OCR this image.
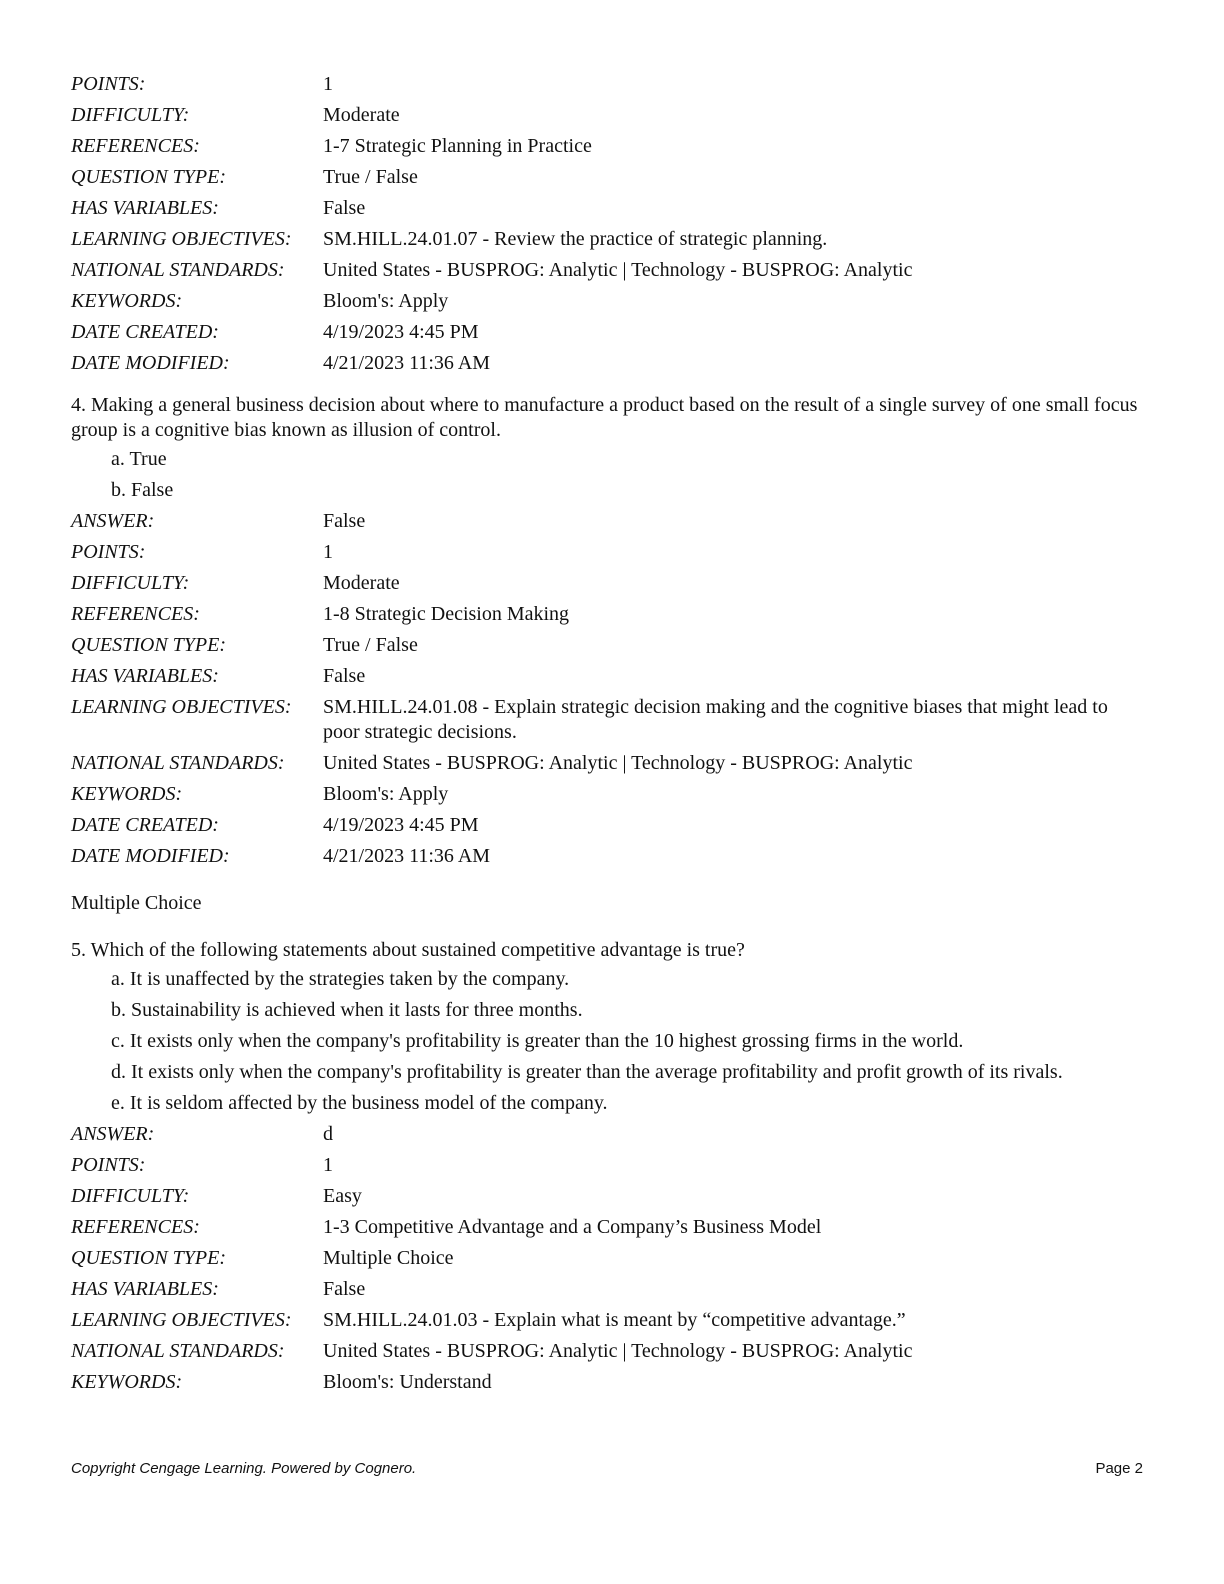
POINTS:	1
DIFFICULTY:	Moderate
REFERENCES:	1-7 Strategic Planning in Practice
QUESTION TYPE:	True / False
HAS VARIABLES:	False
LEARNING OBJECTIVES:	SM.HILL.24.01.07 - Review the practice of strategic planning.
NATIONAL STANDARDS:	United States - BUSPROG: Analytic | Technology - BUSPROG: Analytic
KEYWORDS:	Bloom's: Apply
DATE CREATED:	4/19/2023 4:45 PM
DATE MODIFIED:	4/21/2023 11:36 AM
4. Making a general business decision about where to manufacture a product based on the result of a single survey of one small focus group is a cognitive bias known as illusion of control.
a. True
b. False
ANSWER:	False
POINTS:	1
DIFFICULTY:	Moderate
REFERENCES:	1-8 Strategic Decision Making
QUESTION TYPE:	True / False
HAS VARIABLES:	False
LEARNING OBJECTIVES:	SM.HILL.24.01.08 - Explain strategic decision making and the cognitive biases that might lead to poor strategic decisions.
NATIONAL STANDARDS:	United States - BUSPROG: Analytic | Technology - BUSPROG: Analytic
KEYWORDS:	Bloom's: Apply
DATE CREATED:	4/19/2023 4:45 PM
DATE MODIFIED:	4/21/2023 11:36 AM
Multiple Choice
5. Which of the following statements about sustained competitive advantage is true?
a. It is unaffected by the strategies taken by the company.
b. Sustainability is achieved when it lasts for three months.
c. It exists only when the company's profitability is greater than the 10 highest grossing firms in the world.
d. It exists only when the company's profitability is greater than the average profitability and profit growth of its rivals.
e. It is seldom affected by the business model of the company.
ANSWER:	d
POINTS:	1
DIFFICULTY:	Easy
REFERENCES:	1-3 Competitive Advantage and a Company’s Business Model
QUESTION TYPE:	Multiple Choice
HAS VARIABLES:	False
LEARNING OBJECTIVES:	SM.HILL.24.01.03 - Explain what is meant by “competitive advantage.”
NATIONAL STANDARDS:	United States - BUSPROG: Analytic | Technology - BUSPROG: Analytic
KEYWORDS:	Bloom's: Understand
Copyright Cengage Learning. Powered by Cognero.	Page 2
